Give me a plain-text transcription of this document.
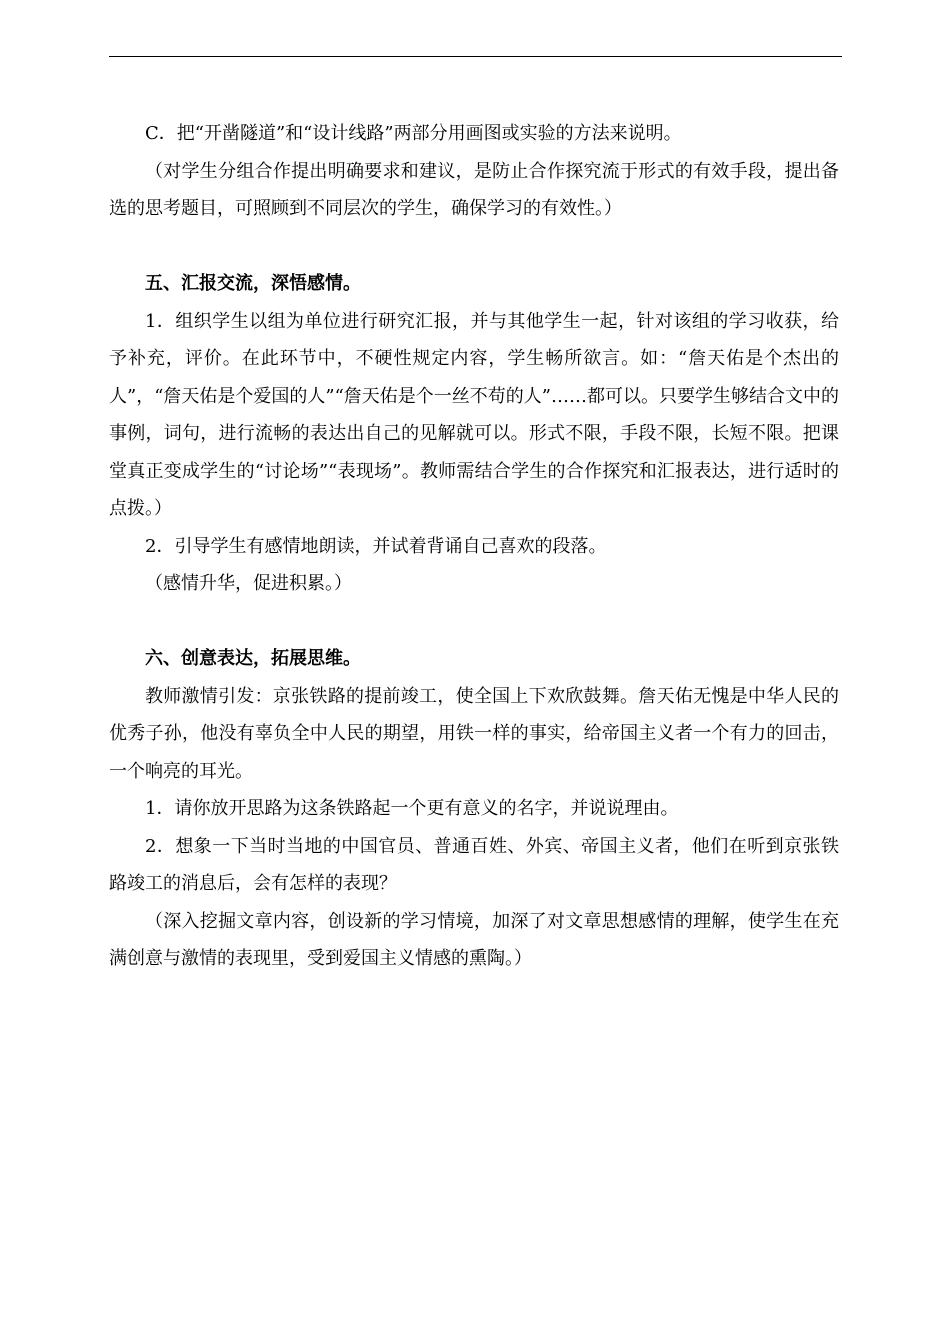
C．把“开凿隧道”和“设计线路”两部分用画图或实验的方法来说明。

（对学生分组合作提出明确要求和建议，是防止合作探究流于形式的有效手段，提出备选的思考题目，可照顾到不同层次的学生，确保学习的有效性。）

五、汇报交流，深悟感情。

1．组织学生以组为单位进行研究汇报，并与其他学生一起，针对该组的学习收获，给予补充，评价。在此环节中，不硬性规定内容，学生畅所欲言。如：“詹天佑是个杰出的人”，“詹天佑是个爱国的人”“詹天佑是个一丝不苟的人”……都可以。只要学生够结合文中的事例，词句，进行流畅的表达出自己的见解就可以。形式不限，手段不限，长短不限。把课堂真正变成学生的“讨论场”“表现场”。教师需结合学生的合作探究和汇报表达，进行适时的点拨。）

2．引导学生有感情地朗读，并试着背诵自己喜欢的段落。

（感情升华，促进积累。）

六、创意表达，拓展思维。

教师激情引发：京张铁路的提前竣工，使全国上下欢欣鼓舞。詹天佑无愧是中华人民的优秀子孙，他没有辜负全中人民的期望，用铁一样的事实，给帝国主义者一个有力的回击，一个响亮的耳光。

1．请你放开思路为这条铁路起一个更有意义的名字，并说说理由。

2．想象一下当时当地的中国官员、普通百姓、外宾、帝国主义者，他们在听到京张铁路竣工的消息后，会有怎样的表现？

（深入挖掘文章内容，创设新的学习情境，加深了对文章思想感情的理解，使学生在充满创意与激情的表现里，受到爱国主义情感的熏陶。）
